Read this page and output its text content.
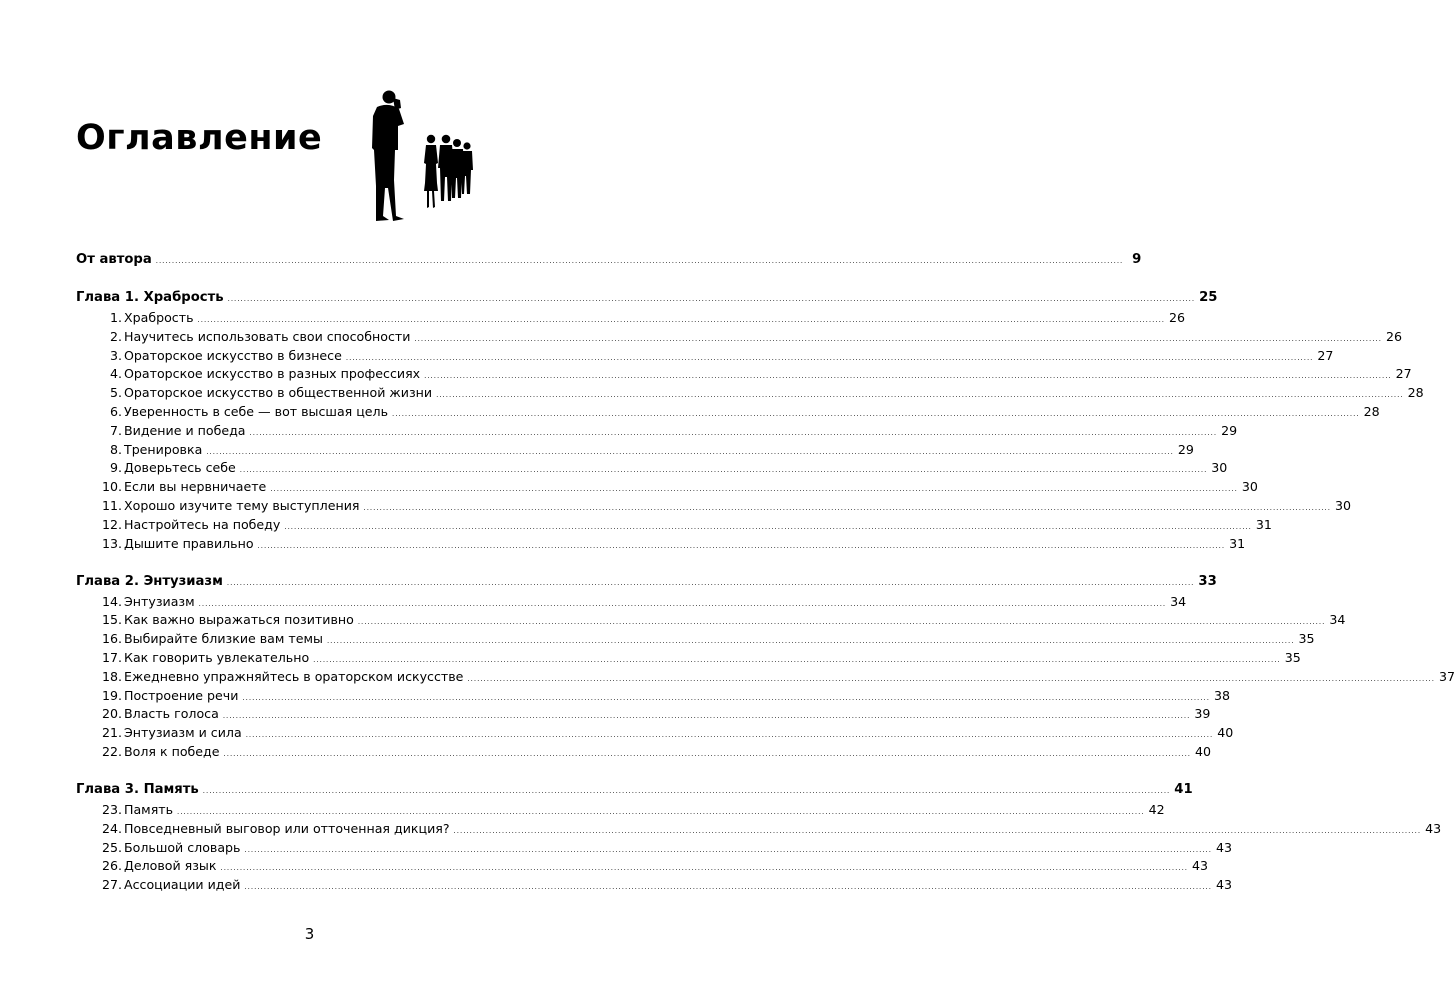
Оглавление
От автора ............................................................................................................................................................................................................................................................................................................ 9
Глава 1. Храбрость ............................................................................................................................................................................................................................................................................................................ 25
1. Храбрость ............................................................................................................................................................................................................................................................................................................ 26
2. Научитесь использовать свои способности ............................................................................................................................................................................................................................................................................................................ 26
3. Ораторское искусство в бизнесе ............................................................................................................................................................................................................................................................................................................ 27
4. Ораторское искусство в разных профессиях ............................................................................................................................................................................................................................................................................................................ 27
5. Ораторское искусство в общественной жизни ............................................................................................................................................................................................................................................................................................................ 28
6. Уверенность в себе — вот высшая цель ............................................................................................................................................................................................................................................................................................................ 28
7. Видение и победа ............................................................................................................................................................................................................................................................................................................ 29
8. Тренировка ............................................................................................................................................................................................................................................................................................................ 29
9. Доверьтесь себе ............................................................................................................................................................................................................................................................................................................ 30
10. Если вы нервничаете ............................................................................................................................................................................................................................................................................................................ 30
11. Хорошо изучите тему выступления ............................................................................................................................................................................................................................................................................................................ 30
12. Настройтесь на победу ............................................................................................................................................................................................................................................................................................................ 31
13. Дышите правильно ............................................................................................................................................................................................................................................................................................................ 31
Глава 2. Энтузиазм ............................................................................................................................................................................................................................................................................................................ 33
14. Энтузиазм ............................................................................................................................................................................................................................................................................................................ 34
15. Как важно выражаться позитивно ............................................................................................................................................................................................................................................................................................................ 34
16. Выбирайте близкие вам темы ............................................................................................................................................................................................................................................................................................................ 35
17. Как говорить увлекательно ............................................................................................................................................................................................................................................................................................................ 35
18. Ежедневно упражняйтесь в ораторском искусстве ............................................................................................................................................................................................................................................................................................................ 37
19. Построение речи ............................................................................................................................................................................................................................................................................................................ 38
20. Власть голоса ............................................................................................................................................................................................................................................................................................................ 39
21. Энтузиазм и сила ............................................................................................................................................................................................................................................................................................................ 40
22. Воля к победе ............................................................................................................................................................................................................................................................................................................ 40
Глава 3. Память ............................................................................................................................................................................................................................................................................................................ 41
23. Память ............................................................................................................................................................................................................................................................................................................ 42
24. Повседневный выговор или отточенная дикция? ............................................................................................................................................................................................................................................................................................................ 43
25. Большой словарь ............................................................................................................................................................................................................................................................................................................ 43
26. Деловой язык ............................................................................................................................................................................................................................................................................................................ 43
27. Ассоциации идей ............................................................................................................................................................................................................................................................................................................ 43
3
